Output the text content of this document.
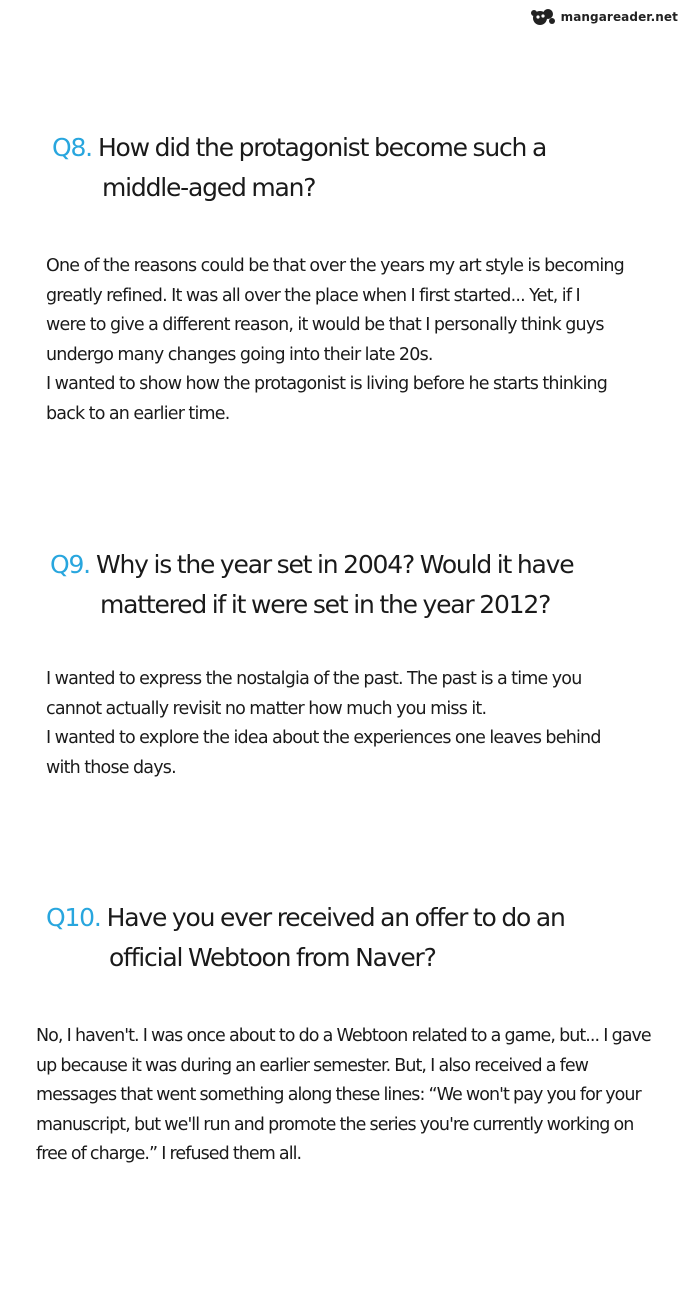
mangareader.net
Q8. How did the protagonist become such a
middle-aged man?
One of the reasons could be that over the years my art style is becoming
greatly refined. It was all over the place when I first started... Yet, if I
were to give a different reason, it would be that I personally think guys
undergo many changes going into their late 20s.
I wanted to show how the protagonist is living before he starts thinking
back to an earlier time.
Q9. Why is the year set in 2004? Would it have
mattered if it were set in the year 2012?
I wanted to express the nostalgia of the past. The past is a time you
cannot actually revisit no matter how much you miss it.
I wanted to explore the idea about the experiences one leaves behind
with those days.
Q10. Have you ever received an offer to do an
official Webtoon from Naver?
No, I haven't. I was once about to do a Webtoon related to a game, but... I gave
up because it was during an earlier semester. But, I also received a few
messages that went something along these lines: “We won't pay you for your
manuscript, but we'll run and promote the series you're currently working on
free of charge.” I refused them all.
